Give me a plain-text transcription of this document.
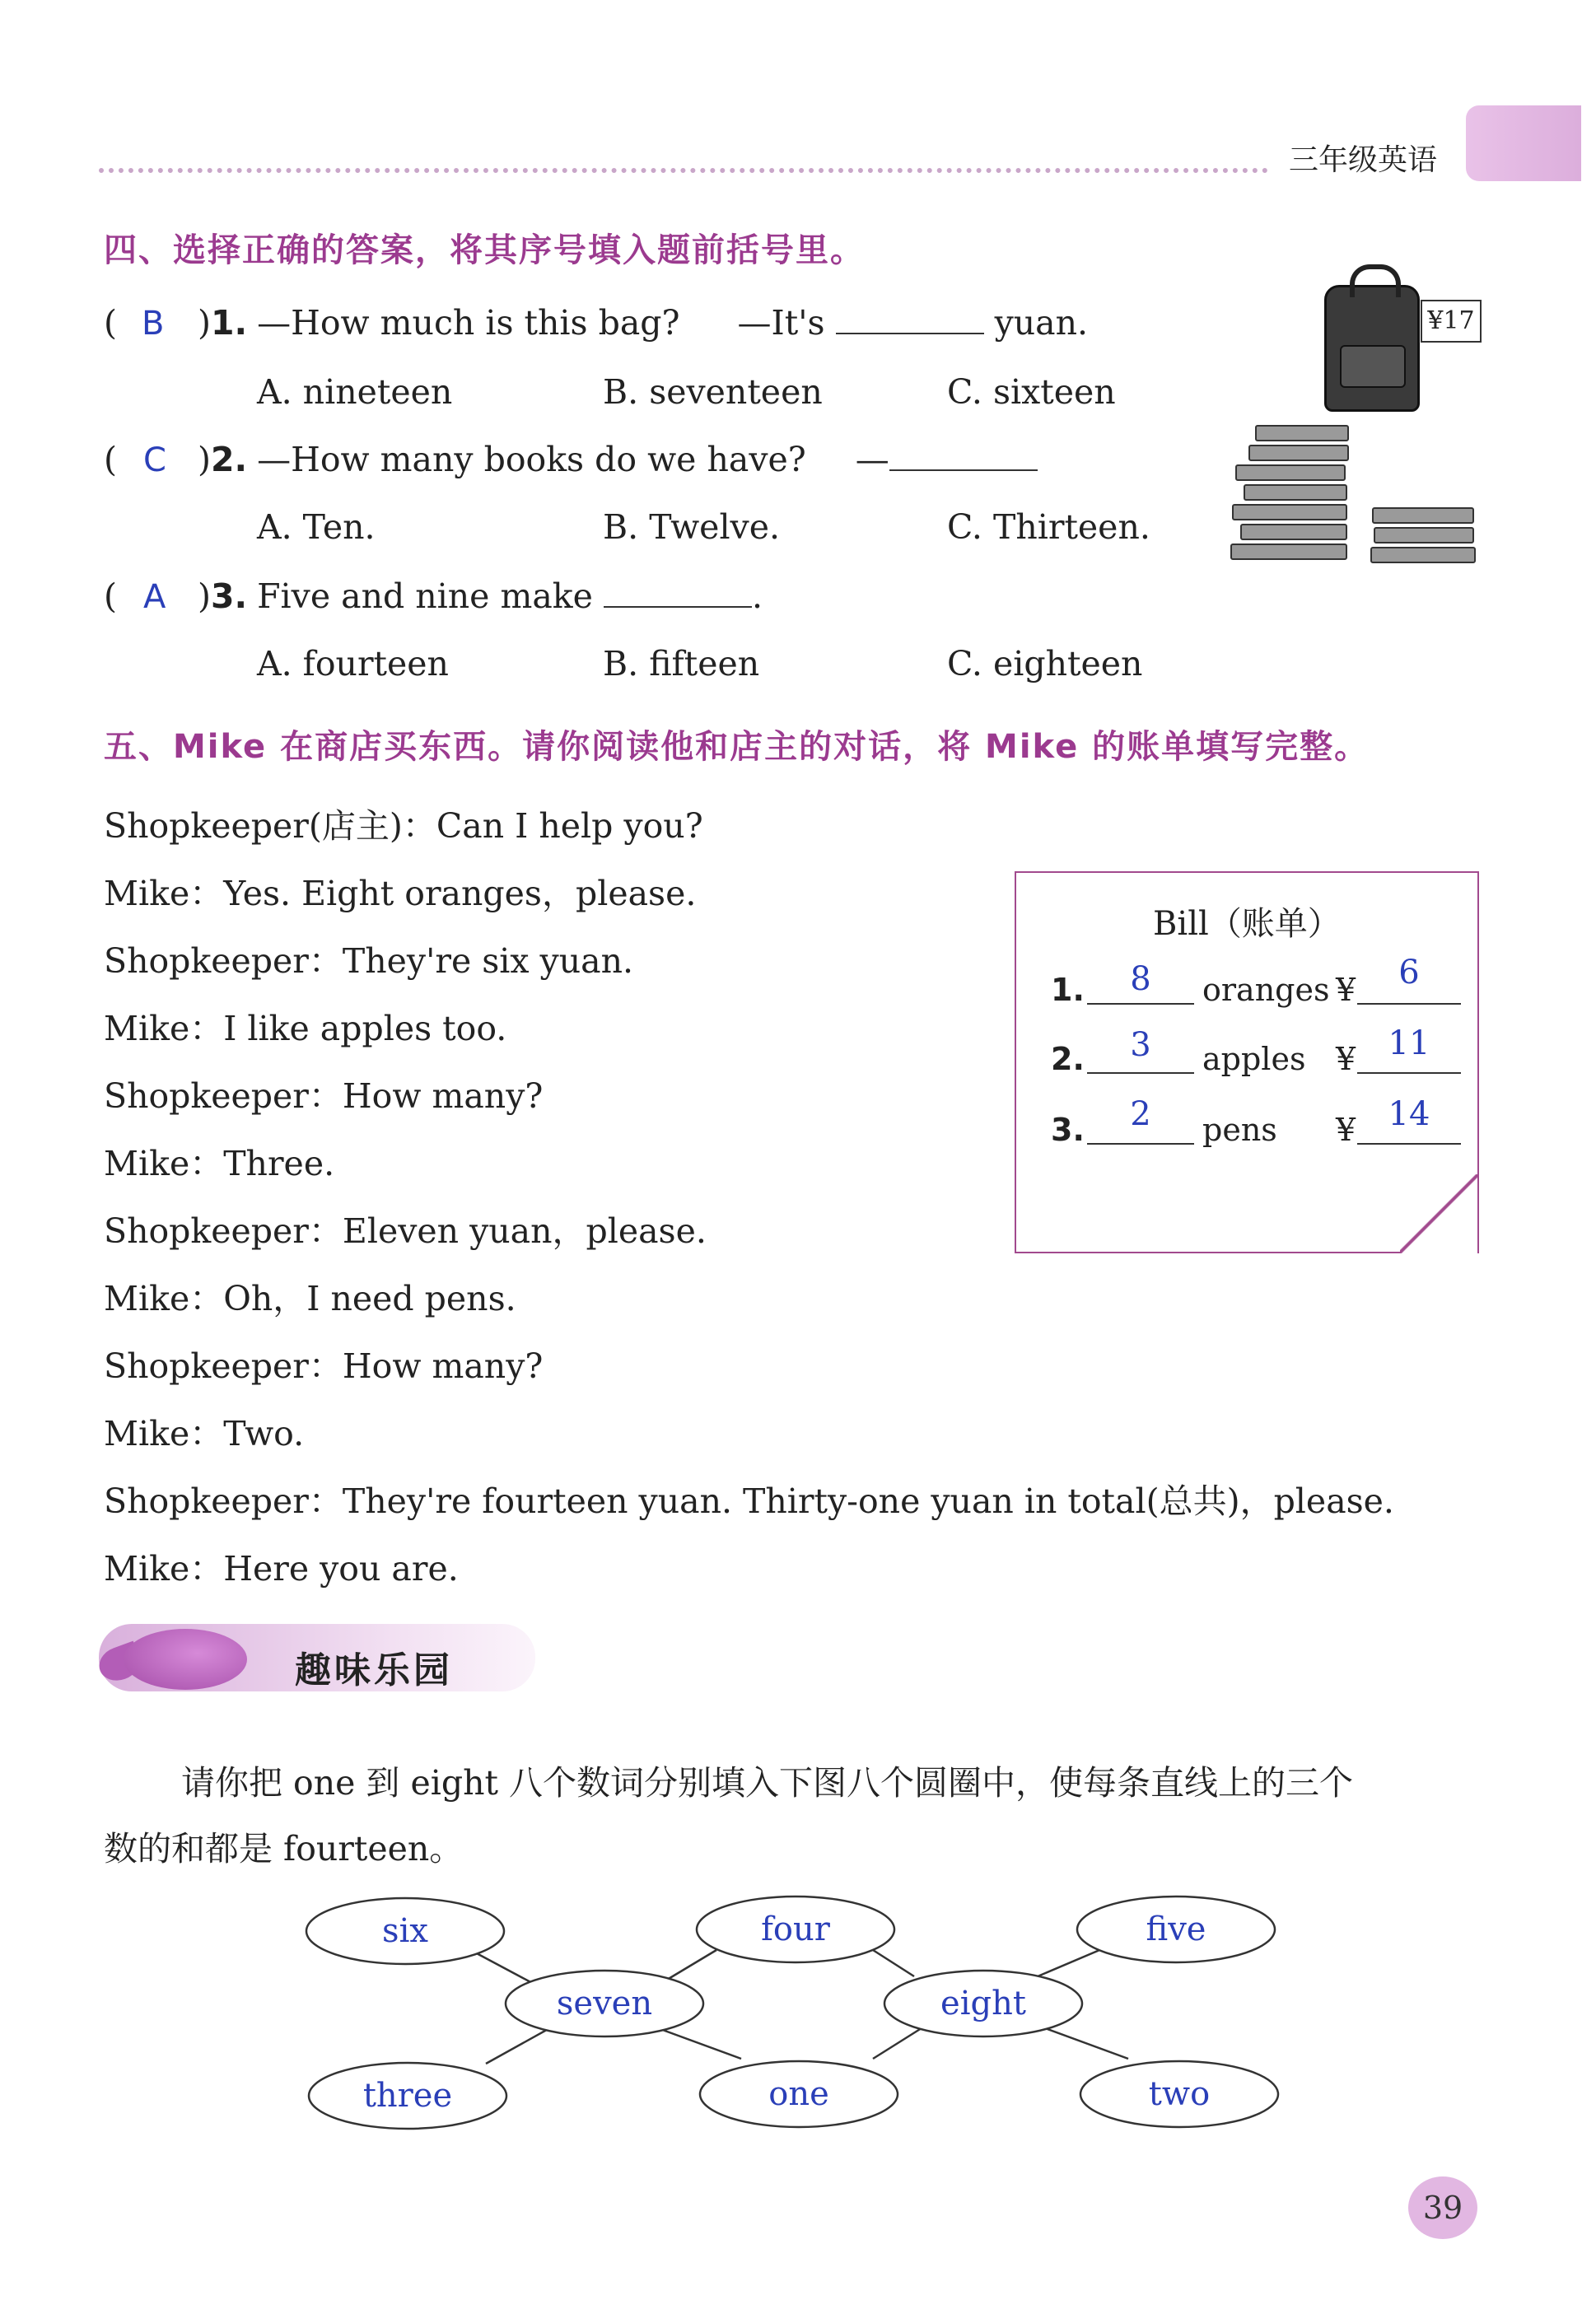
三年级英语
四、选择正确的答案，将其序号填入题前括号里。
( B )1. —How much is this bag? —It's	yuan.
A. nineteen	B. seventeen	C. sixteen
( C )2. —How many books do we have? —
A. Ten.	B. Twelve.	C. Thirteen.
( A )3. Five and nine make	.
A. fourteen	B. fifteen	C. eighteen
¥17
五、Mike 在商店买东西。请你阅读他和店主的对话，将 Mike 的账单填写完整。
Shopkeeper(店主)：Can I help you?
Mike：Yes. Eight oranges，please.
Shopkeeper：They're six yuan.
Mike：I like apples too.
Shopkeeper：How many?
Mike：Three.
Shopkeeper：Eleven yuan，please.
Mike：Oh，I need pens.
Shopkeeper：How many?
Mike：Two.
Shopkeeper：They're fourteen yuan. Thirty-one yuan in total(总共)，please.
Mike：Here you are.
Bill（账单）
1.	8	oranges ¥	6
2.	3	apples ¥ 11
3.	2	pens ¥ 14
趣味乐园
请你把 one 到 eight 八个数词分别填入下图八个圆圈中，使每条直线上的三个
数的和都是 fourteen。
six	four	five
seven	eight
three	one	two
39
